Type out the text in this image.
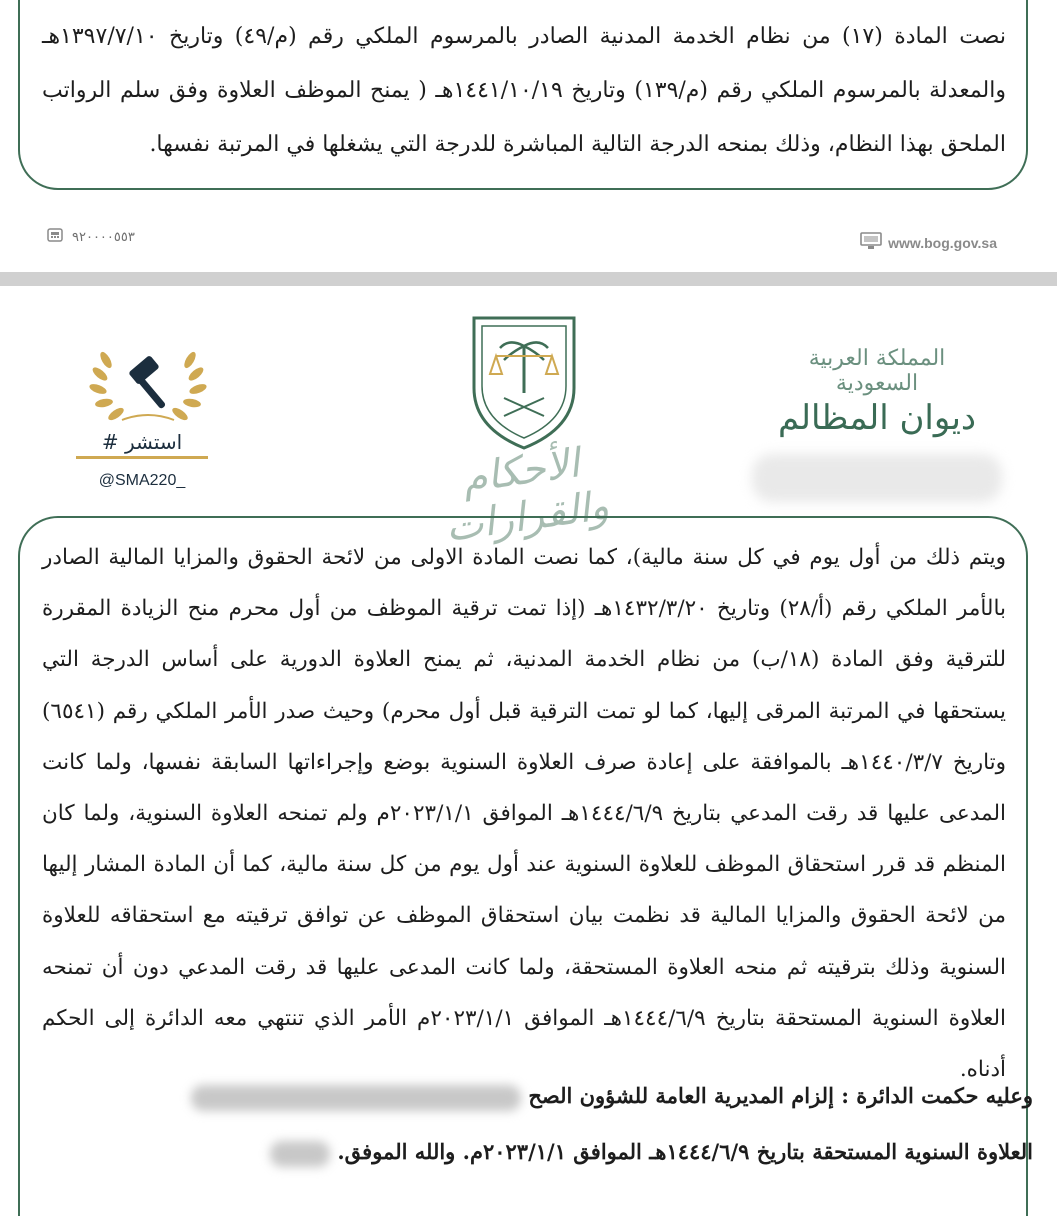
نصت المادة (١٧) من نظام الخدمة المدنية الصادر بالمرسوم الملكي رقم (م/٤٩) وتاريخ ١٣٩٧/٧/١٠هـ والمعدلة بالمرسوم الملكي رقم (م/١٣٩) وتاريخ ١٤٤١/١٠/١٩هـ ( يمنح الموظف العلاوة وفق سلم الرواتب الملحق بهذا النظام، وذلك بمنحه الدرجة التالية المباشرة للدرجة التي يشغلها في المرتبة نفسها.
٩٢٠٠٠٠٥٥٣	www.bog.gov.sa
# استشر
@SMA220_	الأحكام والقرارات
المملكة العربية السعودية
ديوان المظالم
ويتم ذلك من أول يوم في كل سنة مالية)، كما نصت المادة الاولى من لائحة الحقوق والمزايا المالية الصادر بالأمر الملكي رقم (أ/٢٨) وتاريخ ١٤٣٢/٣/٢٠هـ (إذا تمت ترقية الموظف من أول محرم منح الزيادة المقررة للترقية وفق المادة (١٨/ب) من نظام الخدمة المدنية، ثم يمنح العلاوة الدورية على أساس الدرجة التي يستحقها في المرتبة المرقى إليها، كما لو تمت الترقية قبل أول محرم) وحيث صدر الأمر الملكي رقم (٦٥٤١) وتاريخ ١٤٤٠/٣/٧هـ بالموافقة على إعادة صرف العلاوة السنوية بوضع وإجراءاتها السابقة نفسها، ولما كانت المدعى عليها قد رقت المدعي بتاريخ ١٤٤٤/٦/٩هـ الموافق ٢٠٢٣/١/١م ولم تمنحه العلاوة السنوية، ولما كان المنظم قد قرر استحقاق الموظف للعلاوة السنوية عند أول يوم من كل سنة مالية، كما أن المادة المشار إليها من لائحة الحقوق والمزايا المالية قد نظمت بيان استحقاق الموظف عن توافق ترقيته مع استحقاقه للعلاوة السنوية وذلك بترقيته ثم منحه العلاوة المستحقة، ولما كانت المدعى عليها قد رقت المدعي دون أن تمنحه العلاوة السنوية المستحقة بتاريخ ١٤٤٤/٦/٩هـ الموافق ٢٠٢٣/١/١م الأمر الذي تنتهي معه الدائرة إلى الحكم أدناه.
وعليه حكمت الدائرة : إلزام المديرية العامة للشؤون الصح
العلاوة السنوية المستحقة بتاريخ ١٤٤٤/٦/٩هـ الموافق ٢٠٢٣/١/١م. والله الموفق.
